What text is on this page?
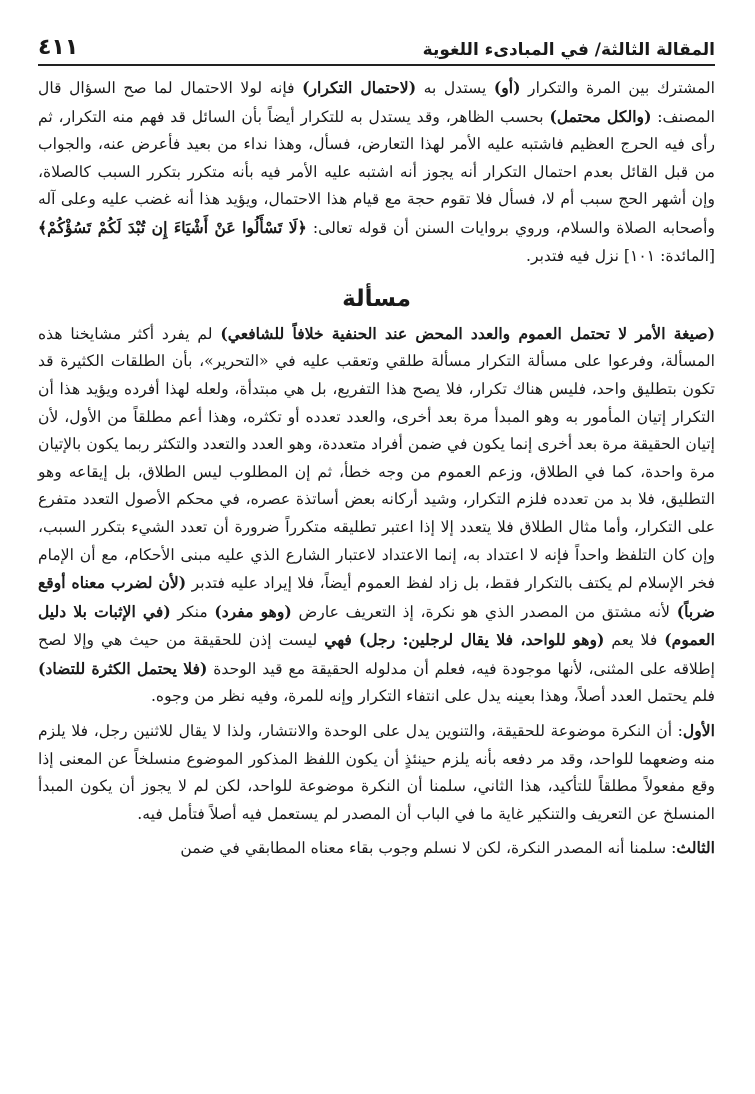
المقالة الثالثة/ في المبادىء اللغوية
٤١١

المشترك بين المرة والتكرار (أو) يستدل به (لاحتمال التكرار) فإنه لولا الاحتمال لما صح السؤال قال المصنف: (والكل محتمل) بحسب الظاهر، وقد يستدل به للتكرار أيضاً بأن السائل قد فهم منه التكرار، ثم رأى فيه الحرج العظيم فاشتبه عليه الأمر لهذا التعارض، فسأل، وهذا نداء من بعيد فأعرض عنه، والجواب من قبل القائل بعدم احتمال التكرار أنه يجوز أنه اشتبه عليه الأمر فيه بأنه متكرر بتكرر السبب كالصلاة، وإن أشهر الحج سبب أم لا، فسأل فلا تقوم حجة مع قيام هذا الاحتمال، ويؤيد هذا أنه غضب عليه وعلى آله وأصحابه الصلاة والسلام، وروي بروايات السنن أن قوله تعالى: ﴿لَا تَسْأَلُوا عَنْ أَشْيَاءَ إِن تُبْدَ لَكُمْ تَسُؤْكُمْ﴾ [المائدة: ١٠١] نزل فيه فتدبر.

مسألة

(صيغة الأمر لا تحتمل العموم والعدد المحض عند الحنفية خلافاً للشافعي) لم يفرد أكثر مشايخنا هذه المسألة، وفرعوا على مسألة التكرار مسألة طلقي وتعقب عليه في «التحرير»، بأن الطلقات الكثيرة قد تكون بتطليق واحد، فليس هناك تكرار، فلا يصح هذا التفريع، بل هي مبتدأة، ولعله لهذا أفرده ويؤيد هذا أن التكرار إتيان المأمور به وهو المبدأ مرة بعد أخرى، والعدد تعدده أو تكثره، وهذا أعم مطلقاً من الأول، لأن إتيان الحقيقة مرة بعد أخرى إنما يكون في ضمن أفراد متعددة، وهو العدد والتعدد والتكثر ربما يكون بالإتيان مرة واحدة، كما في الطلاق، وزعم العموم من وجه خطأ، ثم إن المطلوب ليس الطلاق، بل إيقاعه وهو التطليق، فلا بد من تعدده فلزم التكرار، وشيد أركانه بعض أساتذة عصره، في محكم الأصول التعدد متفرع على التكرار، وأما مثال الطلاق فلا يتعدد إلا إذا اعتبر تطليقه متكرراً ضرورة أن تعدد الشيء بتكرر السبب، وإن كان التلفظ واحداً فإنه لا اعتداد به، إنما الاعتداد لاعتبار الشارع الذي عليه مبنى الأحكام، مع أن الإمام فخر الإسلام لم يكتف بالتكرار فقط، بل زاد لفظ العموم أيضاً، فلا إيراد عليه فتدبر (لأن لضرب معناه أوقع ضرباً) لأنه مشتق من المصدر الذي هو نكرة، إذ التعريف عارض (وهو مفرد) منكر (في الإثبات بلا دليل العموم) فلا يعم (وهو للواحد، فلا يقال لرجلين: رجل) فهي ليست إذن للحقيقة من حيث هي وإلا لصح إطلاقه على المثنى، لأنها موجودة فيه، فعلم أن مدلوله الحقيقة مع قيد الوحدة (فلا يحتمل الكثرة للتضاد) فلم يحتمل العدد أصلاً، وهذا بعينه يدل على انتفاء التكرار وإنه للمرة، وفيه نظر من وجوه.

الأول: أن النكرة موضوعة للحقيقة، والتنوين يدل على الوحدة والانتشار، ولذا لا يقال للاثنين رجل، فلا يلزم منه وضعهما للواحد، وقد مر دفعه بأنه يلزم حينئذٍ أن يكون اللفظ المذكور الموضوع منسلخاً عن المعنى إذا وقع مفعولاً مطلقاً للتأكيد، هذا الثاني، سلمنا أن النكرة موضوعة للواحد، لكن لم لا يجوز أن يكون المبدأ المنسلخ عن التعريف والتنكير غاية ما في الباب أن المصدر لم يستعمل فيه أصلاً فتأمل فيه.

الثالث: سلمنا أنه المصدر النكرة، لكن لا نسلم وجوب بقاء معناه المطابقي في ضمن
